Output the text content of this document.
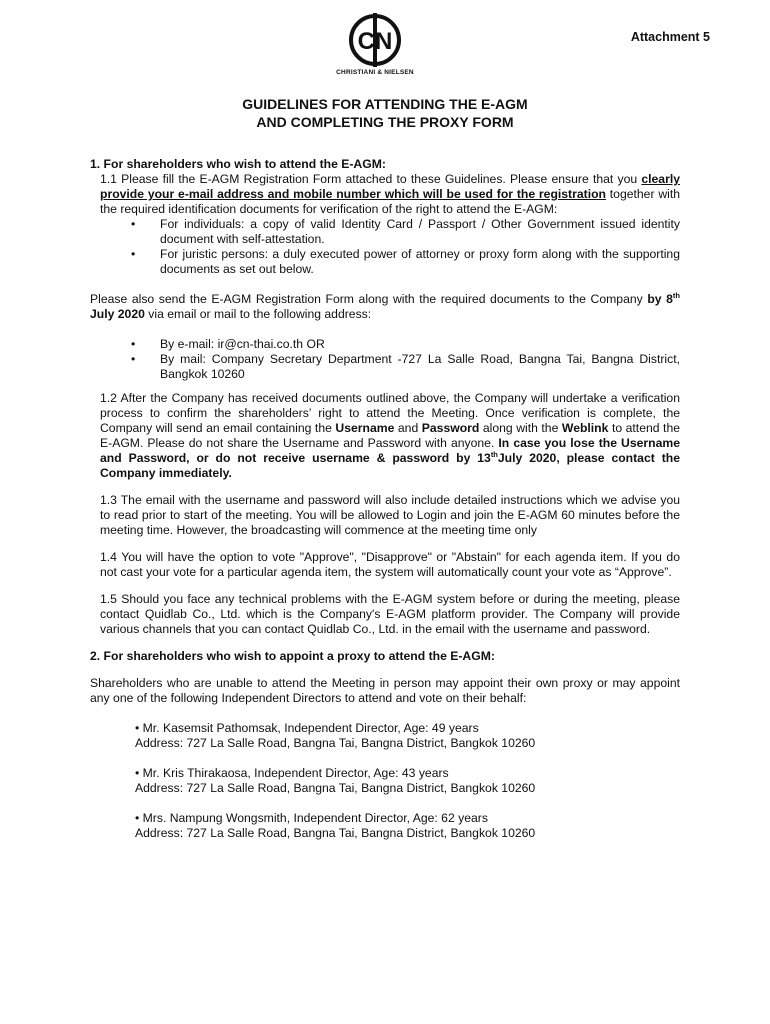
CN
CHRISTIANI & NIELSEN
Attachment 5
GUIDELINES FOR ATTENDING THE E-AGM
AND COMPLETING THE PROXY FORM

1. For shareholders who wish to attend the E-AGM:

1.1 Please fill the E-AGM Registration Form attached to these Guidelines. Please ensure that you clearly provide your e-mail address and mobile number which will be used for the registration together with the required identification documents for verification of the right to attend the E-AGM:

• For individuals: a copy of valid Identity Card / Passport / Other Government issued identity document with self-attestation.
• For juristic persons: a duly executed power of attorney or proxy form along with the supporting documents as set out below.

Please also send the E-AGM Registration Form along with the required documents to the Company by 8th July 2020 via email or mail to the following address:

• By e-mail: ir@cn-thai.co.th OR
• By mail: Company Secretary Department -727 La Salle Road, Bangna Tai, Bangna District, Bangkok 10260

1.2 After the Company has received documents outlined above, the Company will undertake a verification process to confirm the shareholders’ right to attend the Meeting. Once verification is complete, the Company will send an email containing the Username and Password along with the Weblink to attend the E-AGM. Please do not share the Username and Password with anyone. In case you lose the Username and Password, or do not receive username & password by 13thJuly 2020, please contact the Company immediately.

1.3 The email with the username and password will also include detailed instructions which we advise you to read prior to start of the meeting. You will be allowed to Login and join the E-AGM 60 minutes before the meeting time. However, the broadcasting will commence at the meeting time only

1.4 You will have the option to vote "Approve", "Disapprove" or "Abstain" for each agenda item. If you do not cast your vote for a particular agenda item, the system will automatically count your vote as “Approve”.

1.5 Should you face any technical problems with the E-AGM system before or during the meeting, please contact Quidlab Co., Ltd. which is the Company's E-AGM platform provider. The Company will provide various channels that you can contact Quidlab Co., Ltd. in the email with the username and password.

2. For shareholders who wish to appoint a proxy to attend the E-AGM:

Shareholders who are unable to attend the Meeting in person may appoint their own proxy or may appoint any one of the following Independent Directors to attend and vote on their behalf:

• Mr. Kasemsit Pathomsak, Independent Director, Age: 49 years
Address: 727 La Salle Road, Bangna Tai, Bangna District, Bangkok 10260
• Mr. Kris Thirakaosa, Independent Director, Age: 43 years
Address: 727 La Salle Road, Bangna Tai, Bangna District, Bangkok 10260
• Mrs. Nampung Wongsmith, Independent Director, Age: 62 years
Address: 727 La Salle Road, Bangna Tai, Bangna District, Bangkok 10260
